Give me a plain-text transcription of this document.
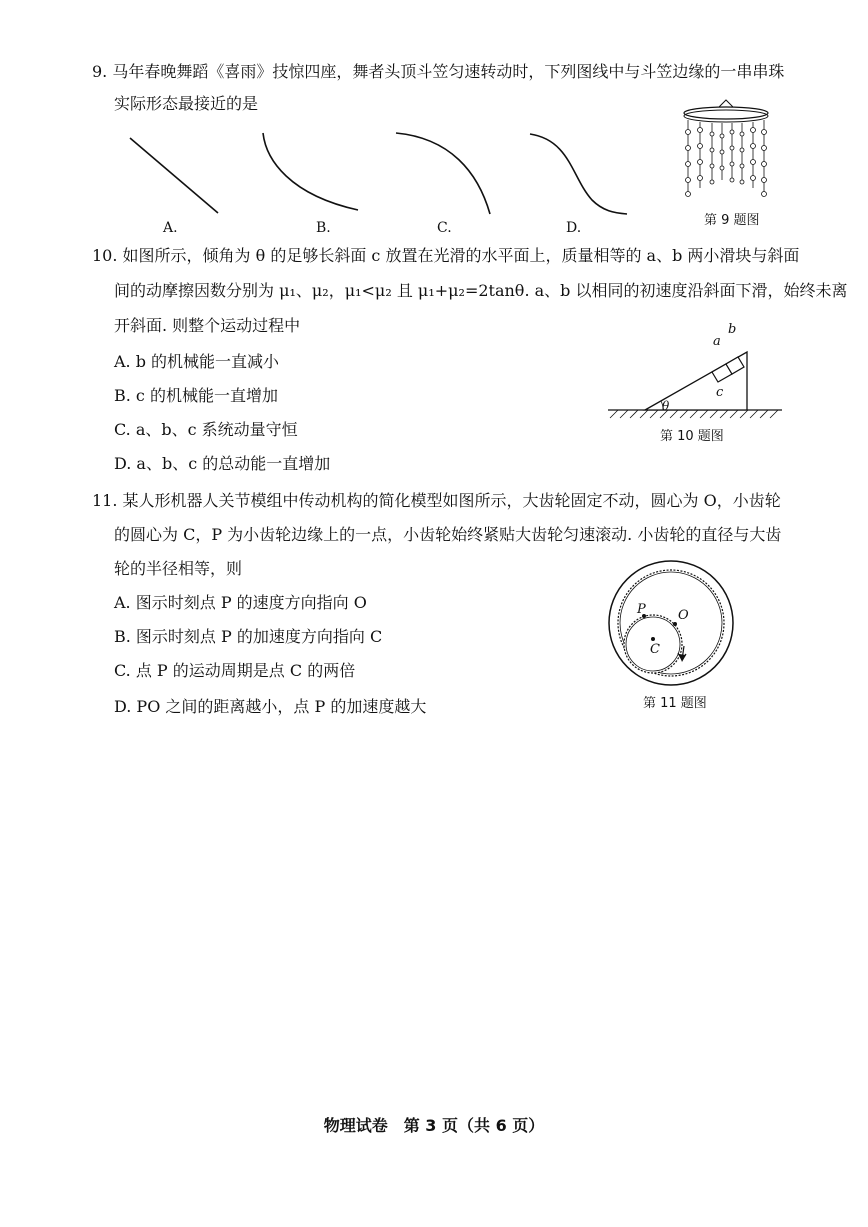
9. 马年春晚舞蹈《喜雨》技惊四座，舞者头顶斗笠匀速转动时，下列图线中与斗笠边缘的一串串珠
实际形态最接近的是
A.	B.	C.	D.	第 9 题图
10. 如图所示，倾角为 θ 的足够长斜面 c 放置在光滑的水平面上，质量相等的 a、b 两小滑块与斜面
间的动摩擦因数分别为 μ₁、μ₂，μ₁<μ₂ 且 μ₁+μ₂=2tanθ. a、b 以相同的初速度沿斜面下滑，始终未离
开斜面. 则整个运动过程中
A. b 的机械能一直减小
B. c 的机械能一直增加
C. a、b、c 系统动量守恒
D. a、b、c 的总动能一直增加
a
b
c
θ
第 10 题图
11. 某人形机器人关节模组中传动机构的简化模型如图所示，大齿轮固定不动，圆心为 O，小齿轮
的圆心为 C，P 为小齿轮边缘上的一点，小齿轮始终紧贴大齿轮匀速滚动. 小齿轮的直径与大齿
轮的半径相等，则
A. 图示时刻点 P 的速度方向指向 O
B. 图示时刻点 P 的加速度方向指向 C
C. 点 P 的运动周期是点 C 的两倍
D. PO 之间的距离越小，点 P 的加速度越大
P O
C
第 11 题图
物理试卷　第 3 页（共 6 页）
